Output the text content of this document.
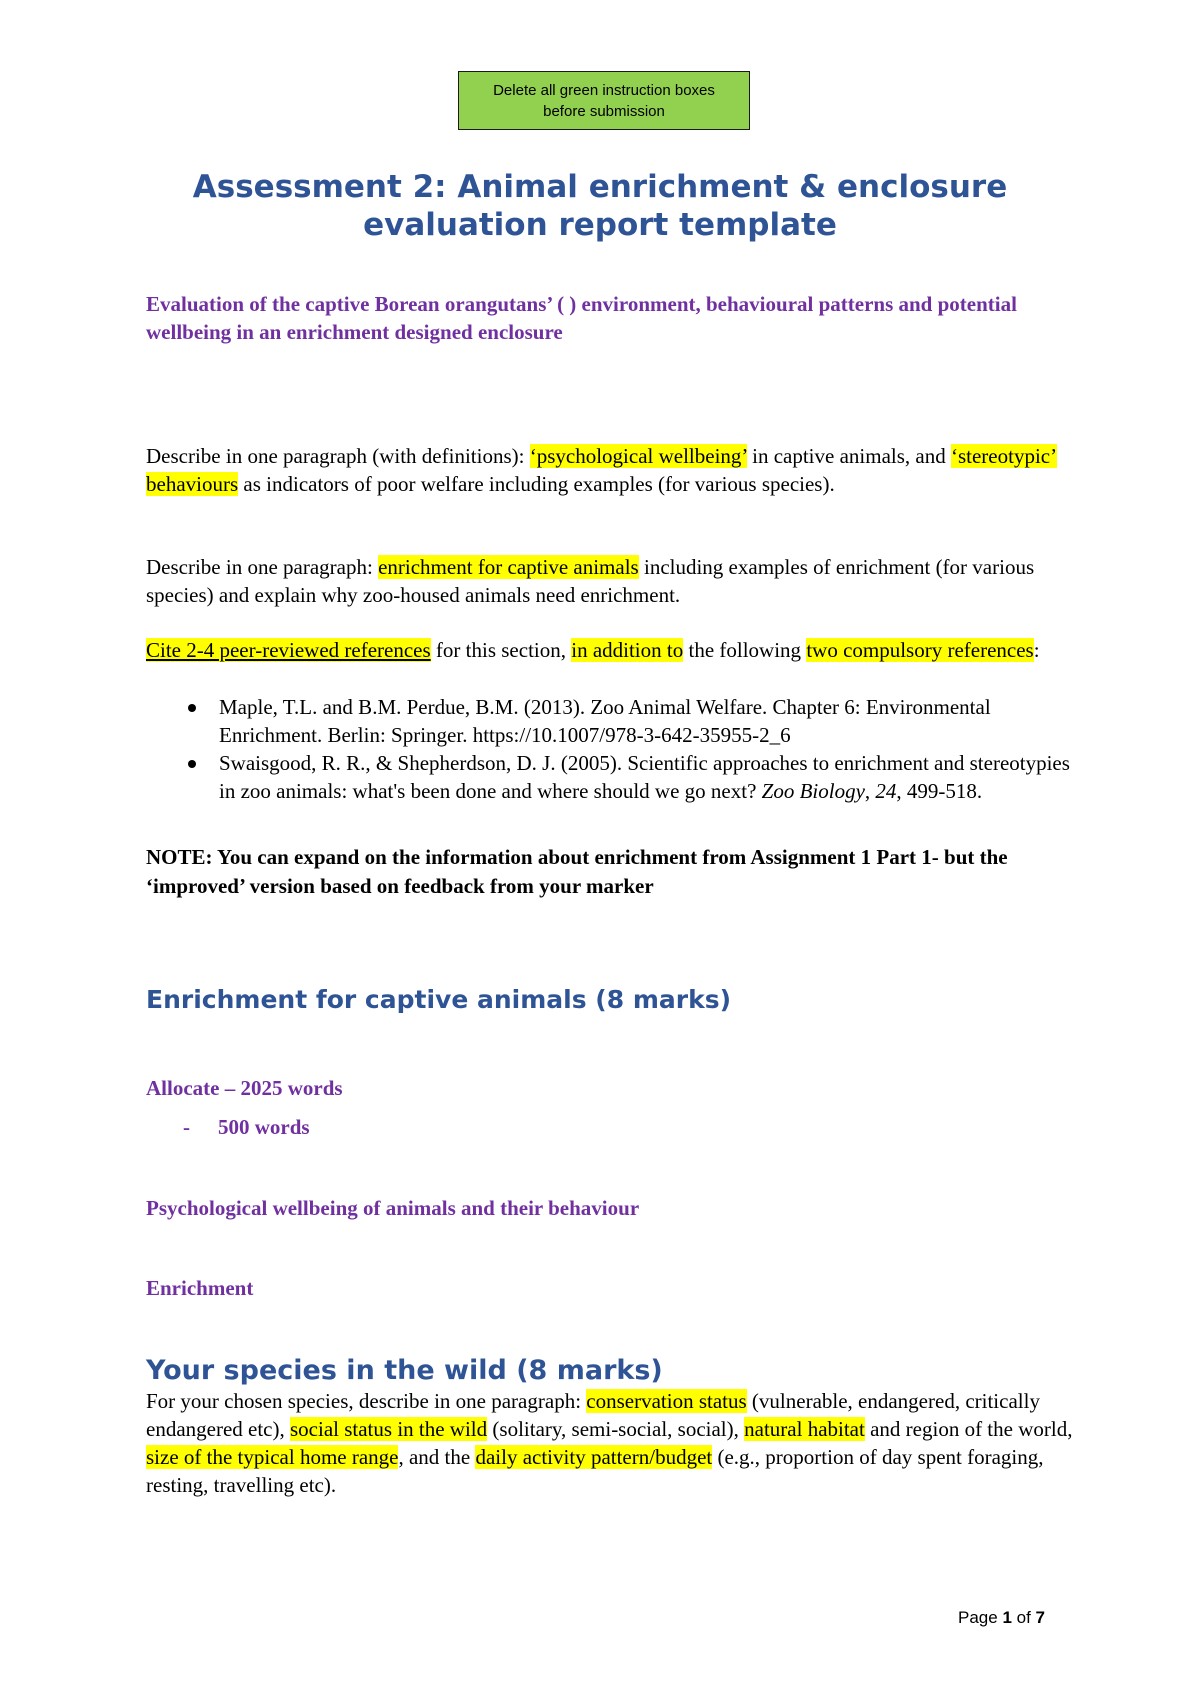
Delete all green instruction boxes
before submission
Assessment 2: Animal enrichment & enclosure
evaluation report template

Evaluation of the captive Borean orangutans’ ( ) environment, behavioural patterns and potential wellbeing in an enrichment designed enclosure

Describe in one paragraph (with definitions): ‘psychological wellbeing’ in captive animals, and ‘stereotypic’ behaviours as indicators of poor welfare including examples (for various species).

Describe in one paragraph: enrichment for captive animals including examples of enrichment (for various species) and explain why zoo-housed animals need enrichment.

Cite 2-4 peer-reviewed references for this section, in addition to the following two compulsory references:

Maple, T.L. and B.M. Perdue, B.M. (2013). Zoo Animal Welfare. Chapter 6: Environmental Enrichment. Berlin: Springer. https://10.1007/978-3-642-35955-2_6
Swaisgood, R. R., & Shepherdson, D. J. (2005). Scientific approaches to enrichment and stereotypies in zoo animals: what's been done and where should we go next? Zoo Biology, 24, 499-518.

NOTE: You can expand on the information about enrichment from Assignment 1 Part 1- but the ‘improved’ version based on feedback from your marker

Enrichment for captive animals (8 marks)

Allocate – 2025 words

- 500 words

Psychological wellbeing of animals and their behaviour

Enrichment

Your species in the wild (8 marks)

For your chosen species, describe in one paragraph: conservation status (vulnerable, endangered, critically endangered etc), social status in the wild (solitary, semi-social, social), natural habitat and region of the world, size of the typical home range, and the daily activity pattern/budget (e.g., proportion of day spent foraging, resting, travelling etc).

Page 1 of 7
